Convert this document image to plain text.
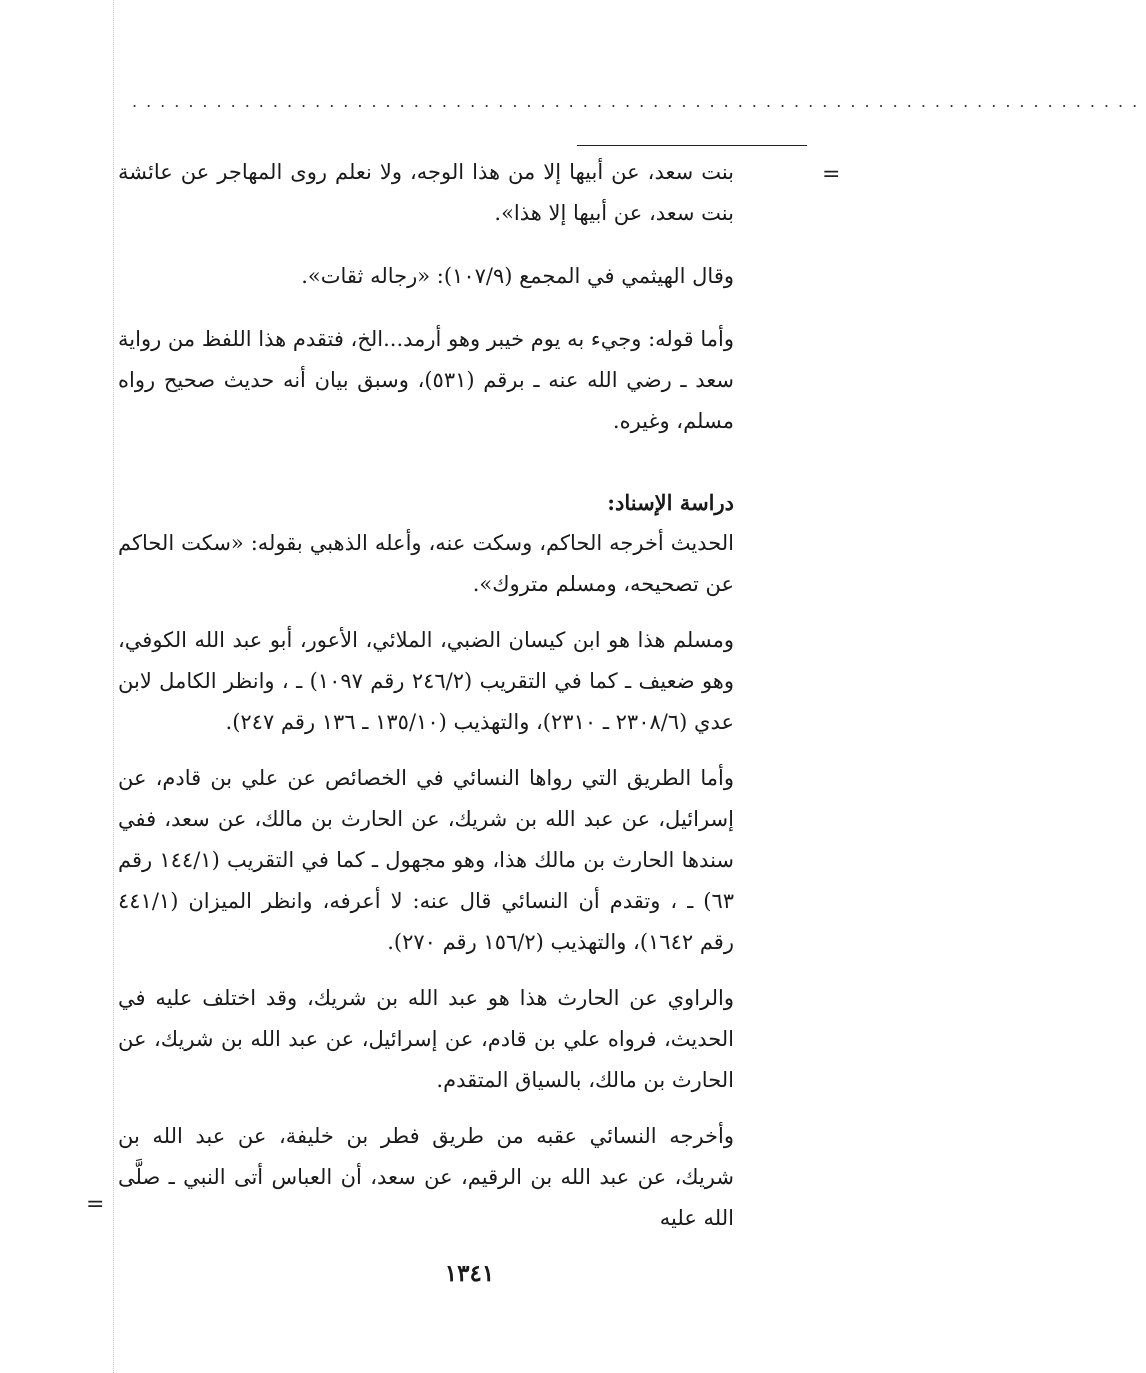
........................................................................
=

بنت سعد، عن أبيها إلا من هذا الوجه، ولا نعلم روى المهاجر عن عائشة بنت سعد، عن أبيها إلا هذا».

وقال الهيثمي في المجمع (١٠٧/٩): «رجاله ثقات».

وأما قوله: وجيء به يوم خيبر وهو أرمد...الخ، فتقدم هذا اللفظ من رواية سعد ـ رضي الله عنه ـ برقم (٥٣١)، وسبق بيان أنه حديث صحيح رواه مسلم، وغيره.

دراسة الإسناد:

الحديث أخرجه الحاكم، وسكت عنه، وأعله الذهبي بقوله: «سكت الحاكم عن تصحيحه، ومسلم متروك».

ومسلم هذا هو ابن كيسان الضبي، الملائي، الأعور، أبو عبد الله الكوفي، وهو ضعيف ـ كما في التقريب (٢٤٦/٢ رقم ١٠٩٧) ـ ، وانظر الكامل لابن عدي (٢٣٠٨/٦ ـ ٢٣١٠)، والتهذيب (١٣٥/١٠ ـ ١٣٦ رقم ٢٤٧).

وأما الطريق التي رواها النسائي في الخصائص عن علي بن قادم، عن إسرائيل، عن عبد الله بن شريك، عن الحارث بن مالك، عن سعد، ففي سندها الحارث بن مالك هذا، وهو مجهول ـ كما في التقريب (١٤٤/١ رقم ٦٣) ـ ، وتقدم أن النسائي قال عنه: لا أعرفه، وانظر الميزان (٤٤١/١ رقم ١٦٤٢)، والتهذيب (١٥٦/٢ رقم ٢٧٠).

والراوي عن الحارث هذا هو عبد الله بن شريك، وقد اختلف عليه في الحديث، فرواه علي بن قادم، عن إسرائيل، عن عبد الله بن شريك، عن الحارث بن مالك، بالسياق المتقدم.

وأخرجه النسائي عقبه من طريق فطر بن خليفة، عن عبد الله بن شريك، عن عبد الله بن الرقيم، عن سعد، أن العباس أتى النبي ـ صلَّى الله عليه

=
١٣٤١
